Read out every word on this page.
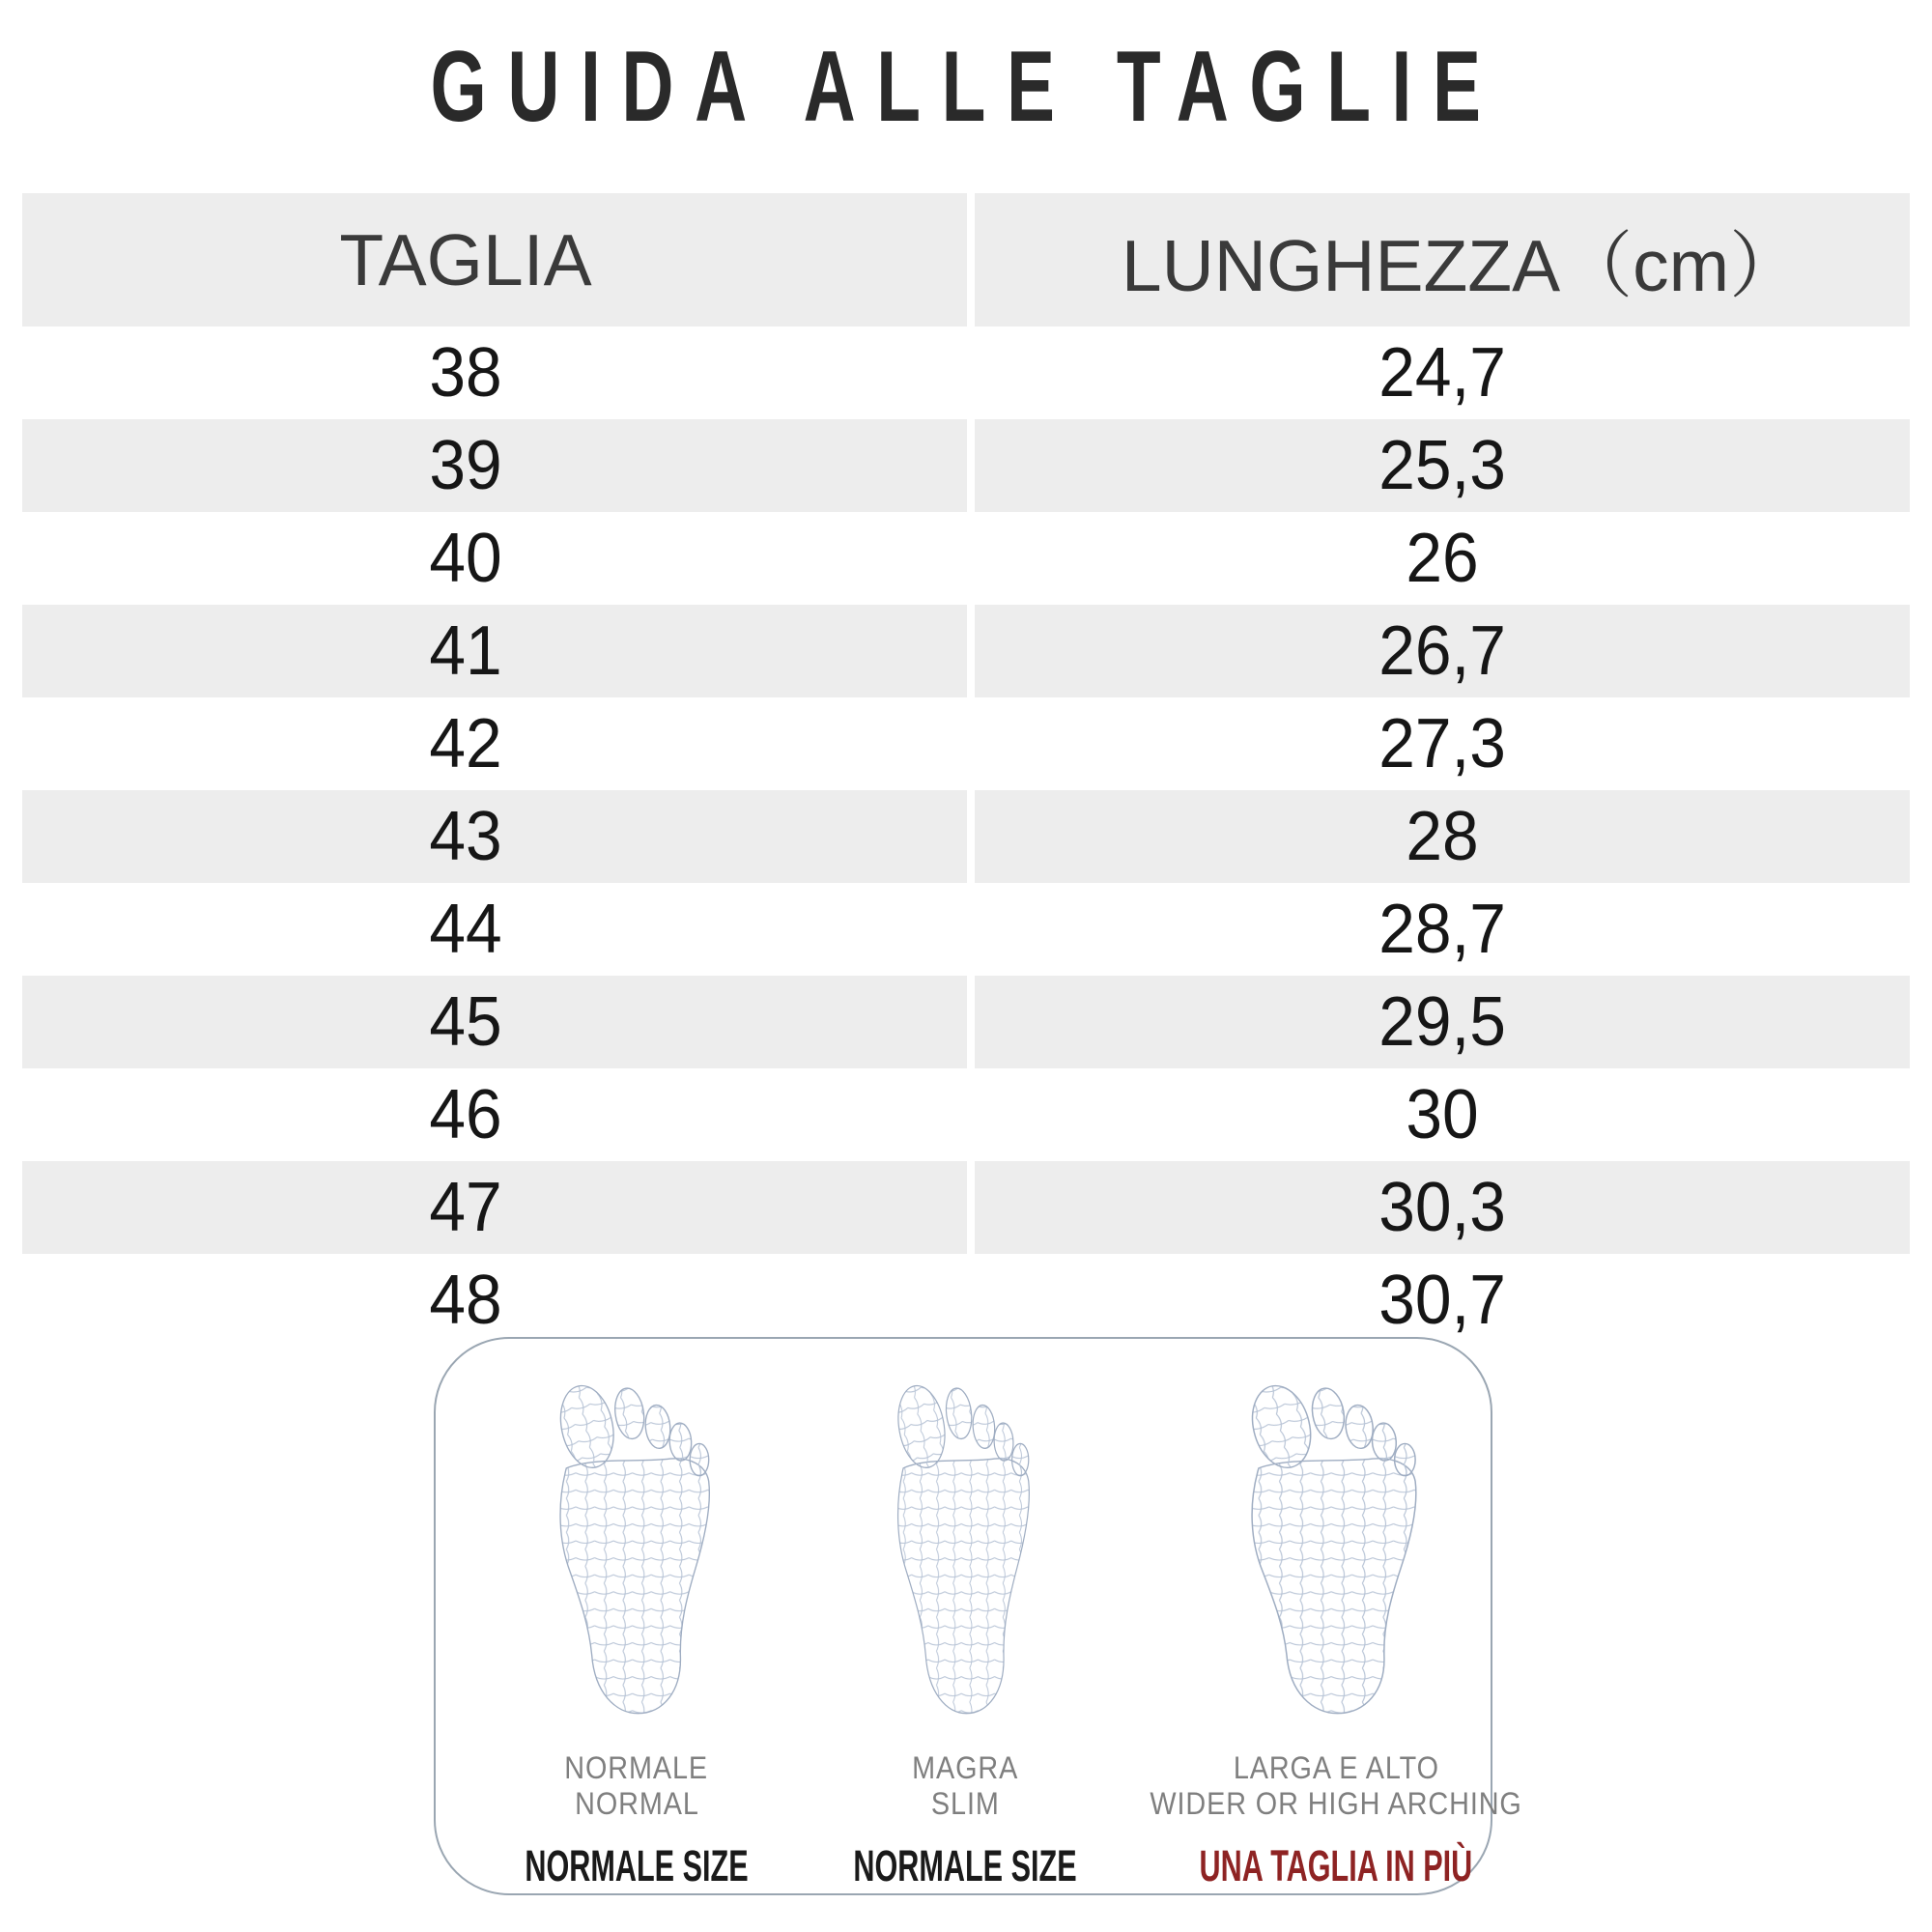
GUIDA ALLE TAGLIE
TAGLIA	LUNGHEZZA（cm）
38	24,7
39	25,3
40	26
41	26,7
42	27,3
43	28
44	28,7
45	29,5
46	30
47	30,3
48	30,7
NORMALE
NORMAL
NORMALE SIZE
MAGRA
SLIM
NORMALE SIZE
LARGA E ALTO
WIDER OR HIGH ARCHING
UNA TAGLIA IN PIÙ
